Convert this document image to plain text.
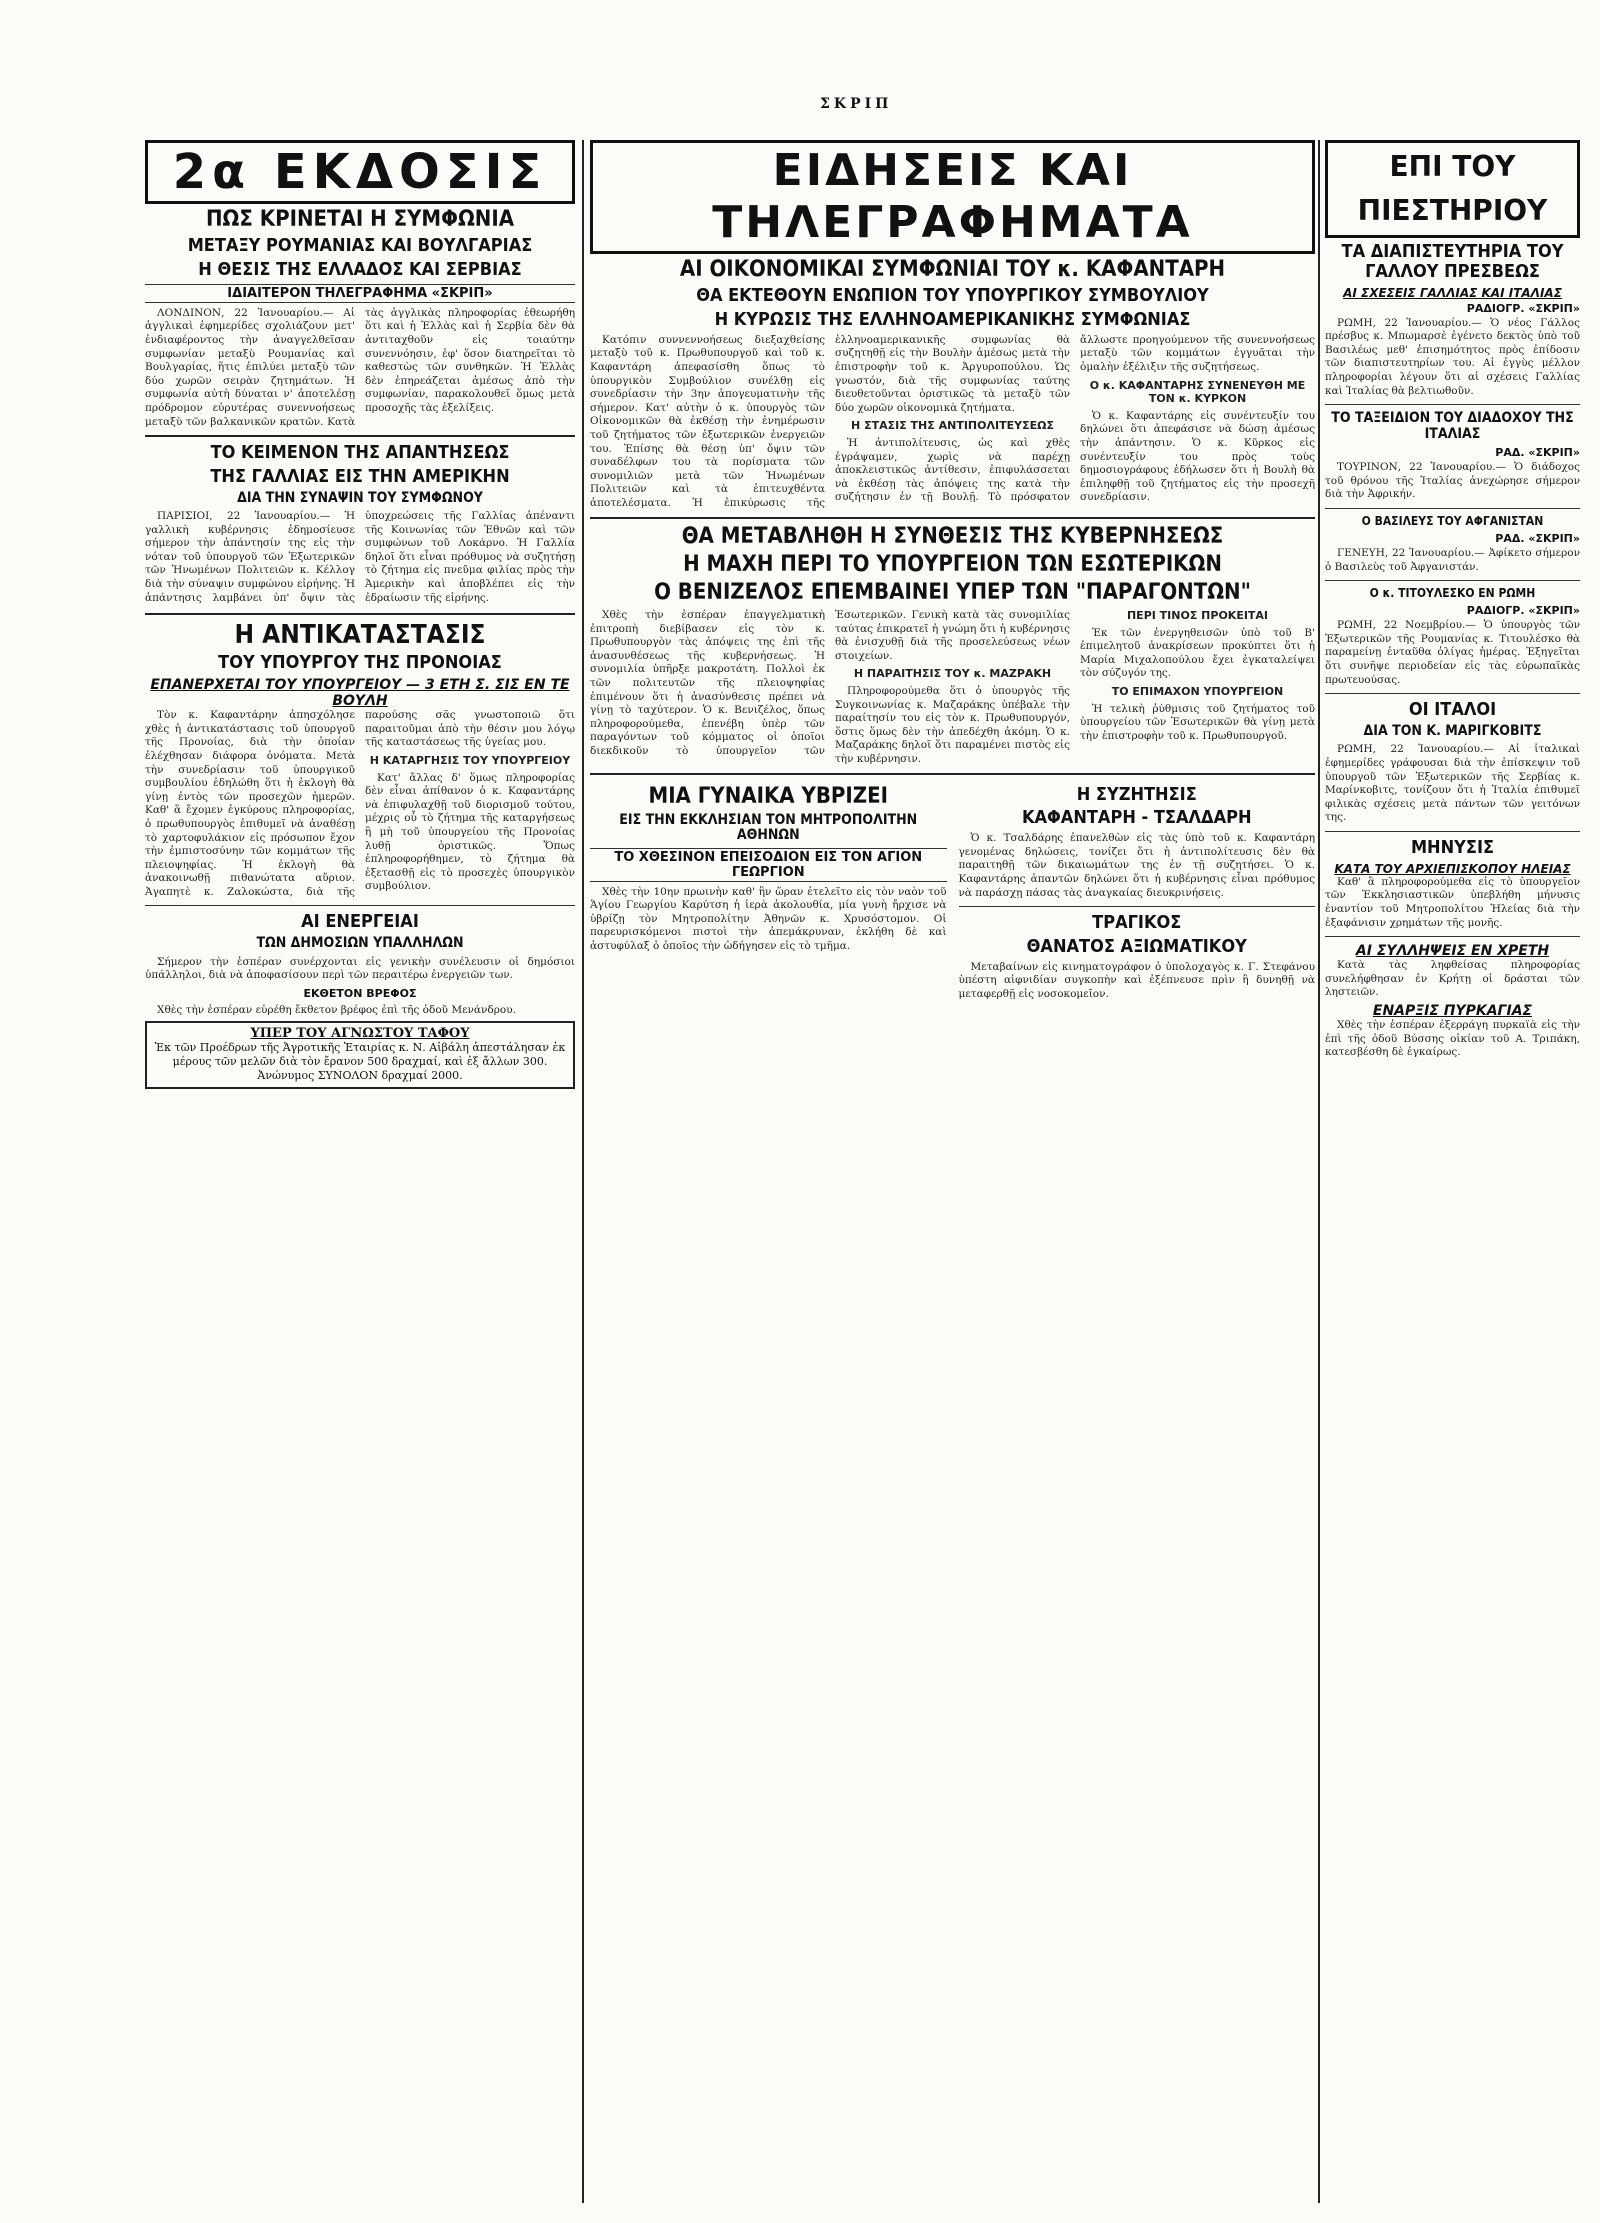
ΣΚΡΙΠ
2α ΕΚΔΟΣΙΣ
ΠΩΣ ΚΡΙΝΕΤΑΙ Η ΣΥΜΦΩΝΙΑ
ΜΕΤΑΞΥ ΡΟΥΜΑΝΙΑΣ ΚΑΙ ΒΟΥΛΓΑΡΙΑΣ
Η ΘΕΣΙΣ ΤΗΣ ΕΛΛΑΔΟΣ ΚΑΙ ΣΕΡΒΙΑΣ
ΙΔΙΑΙΤΕΡΟΝ ΤΗΛΕΓΡΑΦΗΜΑ «ΣΚΡΙΠ»

ΛΟΝΔΙΝΟΝ, 22 Ἰανουαρίου.— Αἱ ἀγγλικαὶ ἐφημερίδες σχολιάζουν μετ' ἐνδιαφέροντος τὴν ἀναγγελθεῖσαν συμφωνίαν μεταξὺ Ρουμανίας καὶ Βουλγαρίας, ἥτις ἐπιλύει μεταξὺ τῶν δύο χωρῶν σειρὰν ζητημάτων. Ἡ συμφωνία αὐτὴ δύναται ν' ἀποτελέσῃ πρόδρομον εὐρυτέρας συνεννοήσεως μεταξὺ τῶν βαλκανικῶν κρατῶν. Κατὰ τὰς ἀγγλικὰς πληροφορίας ἐθεωρήθη ὅτι καὶ ἡ Ἑλλὰς καὶ ἡ Σερβία δὲν θὰ ἀντιταχθοῦν εἰς τοιαύτην συνεννόησιν, ἐφ' ὅσον διατηρεῖται τὸ καθεστὼς τῶν συνθηκῶν. Ἡ Ἑλλὰς δὲν ἐπηρεάζεται ἀμέσως ἀπὸ τὴν συμφωνίαν, παρακολουθεῖ ὅμως μετὰ προσοχῆς τὰς ἐξελίξεις.

ΤΟ ΚΕΙΜΕΝΟΝ ΤΗΣ ΑΠΑΝΤΗΣΕΩΣ
ΤΗΣ ΓΑΛΛΙΑΣ ΕΙΣ ΤΗΝ ΑΜΕΡΙΚΗΝ
ΔΙΑ ΤΗΝ ΣΥΝΑΨΙΝ ΤΟΥ ΣΥΜΦΩΝΟΥ

ΠΑΡΙΣΙΟΙ, 22 Ἰανουαρίου.— Ἡ γαλλικὴ κυβέρνησις ἐδημοσίευσε σήμερον τὴν ἀπάντησίν της εἰς τὴν νόταν τοῦ ὑπουργοῦ τῶν Ἐξωτερικῶν τῶν Ἡνωμένων Πολιτειῶν κ. Κέλλογ διὰ τὴν σύναψιν συμφώνου εἰρήνης. Ἡ ἀπάντησις λαμβάνει ὑπ' ὄψιν τὰς ὑποχρεώσεις τῆς Γαλλίας ἀπέναντι τῆς Κοινωνίας τῶν Ἐθνῶν καὶ τῶν συμφώνων τοῦ Λοκάρνο. Ἡ Γαλλία δηλοῖ ὅτι εἶναι πρόθυμος νὰ συζητήσῃ τὸ ζήτημα εἰς πνεῦμα φιλίας πρὸς τὴν Ἀμερικὴν καὶ ἀποβλέπει εἰς τὴν ἐδραίωσιν τῆς εἰρήνης.

Η ΑΝΤΙΚΑΤΑΣΤΑΣΙΣ
ΤΟΥ ΥΠΟΥΡΓΟΥ ΤΗΣ ΠΡΟΝΟΙΑΣ
ΕΠΑΝΕΡΧΕΤΑΙ ΤΟΥ ΥΠΟΥΡΓΕΙΟΥ — 3 ΕΤΗ Σ. ΣΙΣ ΕΝ ΤΕ ΒΟΥΛΗ

Τὸν κ. Καφαντάρην ἀπησχόλησε χθὲς ἡ ἀντικατάστασις τοῦ ὑπουργοῦ τῆς Προνοίας, διὰ τὴν ὁποίαν ἐλέχθησαν διάφορα ὀνόματα. Μετὰ τὴν συνεδρίασιν τοῦ ὑπουργικοῦ συμβουλίου ἐδηλώθη ὅτι ἡ ἐκλογὴ θὰ γίνῃ ἐντὸς τῶν προσεχῶν ἡμερῶν. Καθ' ἃ ἔχομεν ἐγκύρους πληροφορίας, ὁ πρωθυπουργὸς ἐπιθυμεῖ νὰ ἀναθέσῃ τὸ χαρτοφυλάκιον εἰς πρόσωπον ἔχον τὴν ἐμπιστοσύνην τῶν κομμάτων τῆς πλειοψηφίας. Ἡ ἐκλογὴ θὰ ἀνακοινωθῇ πιθανώτατα αὔριον. Ἀγαπητὲ κ. Ζαλοκώστα, διὰ τῆς παρούσης σᾶς γνωστοποιῶ ὅτι παραιτοῦμαι ἀπὸ τὴν θέσιν μου λόγῳ τῆς καταστάσεως τῆς ὑγείας μου.

Η ΚΑΤΑΡΓΗΣΙΣ ΤΟΥ ΥΠΟΥΡΓΕΙΟΥ

Κατ' ἄλλας δ' ὅμως πληροφορίας δὲν εἶναι ἀπίθανον ὁ κ. Καφαντάρης νὰ ἐπιφυλαχθῇ τοῦ διορισμοῦ τούτου, μέχρις οὗ τὸ ζήτημα τῆς καταργήσεως ἢ μὴ τοῦ ὑπουργείου τῆς Προνοίας λυθῇ ὁριστικῶς. Ὅπως ἐπληροφορήθημεν, τὸ ζήτημα θὰ ἐξετασθῇ εἰς τὸ προσεχὲς ὑπουργικὸν συμβούλιον.

ΑΙ ΕΝΕΡΓΕΙΑΙ
ΤΩΝ ΔΗΜΟΣΙΩΝ ΥΠΑΛΛΗΛΩΝ

Σήμερον τὴν ἑσπέραν συνέρχονται εἰς γενικὴν συνέλευσιν οἱ δημόσιοι ὑπάλληλοι, διὰ νὰ ἀποφασίσουν περὶ τῶν περαιτέρω ἐνεργειῶν των.

ΕΚΘΕΤΟΝ ΒΡΕΦΟΣ

Χθὲς τὴν ἑσπέραν εὑρέθη ἔκθετον βρέφος ἐπὶ τῆς ὁδοῦ Μενάνδρου.

ΥΠΕΡ ΤΟΥ ΑΓΝΩΣΤΟΥ ΤΑΦΟΥ
Ἐκ τῶν Προέδρων τῆς Ἀγροτικῆς Ἑταιρίας κ. Ν. Αἰβάλη ἀπεστάλησαν ἐκ μέρους τῶν μελῶν διὰ τὸν ἔρανον 500 δραχμαί, καὶ ἐξ ἄλλων 300. Ἀνώνυμος ΣΥΝΟΛΟΝ δραχμαί 2000.
ΕΙΔΗΣΕΙΣ ΚΑΙ ΤΗΛΕΓΡΑΦΗΜΑΤΑ
ΑΙ ΟΙΚΟΝΟΜΙΚΑΙ ΣΥΜΦΩΝΙΑΙ ΤΟΥ κ. ΚΑΦΑΝΤΑΡΗ
ΘΑ ΕΚΤΕΘΟΥΝ ΕΝΩΠΙΟΝ ΤΟΥ ΥΠΟΥΡΓΙΚΟΥ ΣΥΜΒΟΥΛΙΟΥ
Η ΚΥΡΩΣΙΣ ΤΗΣ ΕΛΛΗΝΟΑΜΕΡΙΚΑΝΙΚΗΣ ΣΥΜΦΩΝΙΑΣ

Κατόπιν συννεννοήσεως διεξαχθείσης μεταξὺ τοῦ κ. Πρωθυπουργοῦ καὶ τοῦ κ. Καφαντάρη ἀπεφασίσθη ὅπως τὸ ὑπουργικὸν Συμβούλιον συνέλθῃ εἰς συνεδρίασιν τὴν 3ην ἀπογευματινὴν τῆς σήμερον. Κατ' αὐτὴν ὁ κ. ὑπουργὸς τῶν Οἰκονομικῶν θὰ ἐκθέσῃ τὴν ἐνημέρωσιν τοῦ ζητήματος τῶν ἐξωτερικῶν ἐνεργειῶν του. Ἐπίσης θὰ θέσῃ ὑπ' ὄψιν τῶν συναδέλφων του τὰ πορίσματα τῶν συνομιλιῶν μετὰ τῶν Ἡνωμένων Πολιτειῶν καὶ τὰ ἐπιτευχθέντα ἀποτελέσματα. Ἡ ἐπικύρωσις τῆς ἑλληνοαμερικανικῆς συμφωνίας θὰ συζητηθῇ εἰς τὴν Βουλὴν ἀμέσως μετὰ τὴν ἐπιστροφὴν τοῦ κ. Ἀργυροπούλου. Ὡς γνωστόν, διὰ τῆς συμφωνίας ταύτης διευθετοῦνται ὁριστικῶς τὰ μεταξὺ τῶν δύο χωρῶν οἰκονομικὰ ζητήματα.

Η ΣΤΑΣΙΣ ΤΗΣ ΑΝΤΙΠΟΛΙΤΕΥΣΕΩΣ

Ἡ ἀντιπολίτευσις, ὡς καὶ χθὲς ἐγράψαμεν, χωρὶς νὰ παρέχῃ ἀποκλειστικῶς ἀντίθεσιν, ἐπιφυλάσσεται νὰ ἐκθέσῃ τὰς ἀπόψεις της κατὰ τὴν συζήτησιν ἐν τῇ Βουλῇ. Τὸ πρόσφατον ἄλλωστε προηγούμενον τῆς συνεννοήσεως μεταξὺ τῶν κομμάτων ἐγγυᾶται τὴν ὁμαλὴν ἐξέλιξιν τῆς συζητήσεως.

Ο κ. ΚΑΦΑΝΤΑΡΗΣ ΣΥΝΕΝΕΥΘΗ ΜΕ ΤΟΝ κ. ΚΥΡΚΟΝ

Ὁ κ. Καφαντάρης εἰς συνέντευξίν του δηλώνει ὅτι ἀπεφάσισε νὰ δώσῃ ἀμέσως τὴν ἀπάντησιν. Ὁ κ. Κῦρκος εἰς συνέντευξίν του πρὸς τοὺς δημοσιογράφους ἐδήλωσεν ὅτι ἡ Βουλὴ θὰ ἐπιληφθῇ τοῦ ζητήματος εἰς τὴν προσεχῆ συνεδρίασιν.

ΘΑ ΜΕΤΑΒΛΗΘΗ Η ΣΥΝΘΕΣΙΣ ΤΗΣ ΚΥΒΕΡΝΗΣΕΩΣ
Η ΜΑΧΗ ΠΕΡΙ ΤΟ ΥΠΟΥΡΓΕΙΟΝ ΤΩΝ ΕΣΩΤΕΡΙΚΩΝ
Ο ΒΕΝΙΖΕΛΟΣ ΕΠΕΜΒΑΙΝΕΙ ΥΠΕΡ ΤΩΝ "ΠΑΡΑΓΟΝΤΩΝ"

Χθὲς τὴν ἑσπέραν ἐπαγγελματικὴ ἐπιτροπὴ διεβίβασεν εἰς τὸν κ. Πρωθυπουργὸν τὰς ἀπόψεις της ἐπὶ τῆς ἀνασυνθέσεως τῆς κυβερνήσεως. Ἡ συνομιλία ὑπῆρξε μακροτάτη. Πολλοὶ ἐκ τῶν πολιτευτῶν τῆς πλειοψηφίας ἐπιμένουν ὅτι ἡ ἀνασύνθεσις πρέπει νὰ γίνῃ τὸ ταχύτερον. Ὁ κ. Βενιζέλος, ὅπως πληροφορούμεθα, ἐπενέβη ὑπὲρ τῶν παραγόντων τοῦ κόμματος οἱ ὁποῖοι διεκδικοῦν τὸ ὑπουργεῖον τῶν Ἐσωτερικῶν. Γενικὴ κατὰ τὰς συνομιλίας ταύτας ἐπικρατεῖ ἡ γνώμη ὅτι ἡ κυβέρνησις θὰ ἐνισχυθῇ διὰ τῆς προσελεύσεως νέων στοιχείων.

Η ΠΑΡΑΙΤΗΣΙΣ ΤΟΥ κ. ΜΑΖΡΑΚΗ

Πληροφορούμεθα ὅτι ὁ ὑπουργὸς τῆς Συγκοινωνίας κ. Μαζαράκης ὑπέβαλε τὴν παραίτησίν του εἰς τὸν κ. Πρωθυπουργόν, ὅστις ὅμως δὲν τὴν ἀπεδέχθη ἀκόμη. Ὁ κ. Μαζαράκης δηλοῖ ὅτι παραμένει πιστὸς εἰς τὴν κυβέρνησιν.

ΠΕΡΙ ΤΙΝΟΣ ΠΡΟΚΕΙΤΑΙ

Ἐκ τῶν ἐνεργηθεισῶν ὑπὸ τοῦ Β' ἐπιμελητοῦ ἀνακρίσεων προκύπτει ὅτι ἡ Μαρία Μιχαλοπούλου ἔχει ἐγκαταλείψει τὸν σύζυγόν της.

ΤΟ ΕΠΙΜΑΧΟΝ ΥΠΟΥΡΓΕΙΟΝ

Ἡ τελικὴ ῥύθμισις τοῦ ζητήματος τοῦ ὑπουργείου τῶν Ἐσωτερικῶν θὰ γίνῃ μετὰ τὴν ἐπιστροφὴν τοῦ κ. Πρωθυπουργοῦ.

ΜΙΑ ΓΥΝΑΙΚΑ ΥΒΡΙΖΕΙ
ΕΙΣ ΤΗΝ ΕΚΚΛΗΣΙΑΝ ΤΟΝ ΜΗΤΡΟΠΟΛΙΤΗΝ ΑΘΗΝΩΝ
ΤΟ ΧΘΕΣΙΝΟΝ ΕΠΕΙΣΟΔΙΟΝ ΕΙΣ ΤΟΝ ΑΓΙΟΝ ΓΕΩΡΓΙΟΝ

Χθὲς τὴν 10ην πρωινὴν καθ' ἣν ὥραν ἐτελεῖτο εἰς τὸν ναὸν τοῦ Ἁγίου Γεωργίου Καρύτση ἡ ἱερὰ ἀκολουθία, μία γυνὴ ἤρχισε νὰ ὑβρίζῃ τὸν Μητροπολίτην Ἀθηνῶν κ. Χρυσόστομον. Οἱ παρευρισκόμενοι πιστοὶ τὴν ἀπεμάκρυναν, ἐκλήθη δὲ καὶ ἀστυφύλαξ ὁ ὁποῖος τὴν ὡδήγησεν εἰς τὸ τμῆμα.

Η ΣΥΖΗΤΗΣΙΣ
ΚΑΦΑΝΤΑΡΗ - ΤΣΑΛΔΑΡΗ

Ὁ κ. Τσαλδάρης ἐπανελθὼν εἰς τὰς ὑπὸ τοῦ κ. Καφαντάρη γενομένας δηλώσεις, τονίζει ὅτι ἡ ἀντιπολίτευσις δὲν θὰ παραιτηθῇ τῶν δικαιωμάτων της ἐν τῇ συζητήσει. Ὁ κ. Καφαντάρης ἀπαντῶν δηλώνει ὅτι ἡ κυβέρνησις εἶναι πρόθυμος νὰ παράσχῃ πάσας τὰς ἀναγκαίας διευκρινήσεις.

ΤΡΑΓΙΚΟΣ
ΘΑΝΑΤΟΣ ΑΞΙΩΜΑΤΙΚΟΥ

Μεταβαίνων εἰς κινηματογράφον ὁ ὑπολοχαγὸς κ. Γ. Στεφάνου ὑπέστη αἰφνιδίαν συγκοπὴν καὶ ἐξέπνευσε πρὶν ἢ δυνηθῇ νὰ μεταφερθῇ εἰς νοσοκομεῖον.

ΕΠΙ ΤΟΥ ΠΙΕΣΤΗΡΙΟΥ
ΤΑ ΔΙΑΠΙΣΤΕΥΤΗΡΙΑ ΤΟΥ ΓΑΛΛΟΥ ΠΡΕΣΒΕΩΣ
ΑΙ ΣΧΕΣΕΙΣ ΓΑΛΛΙΑΣ ΚΑΙ ΙΤΑΛΙΑΣ
ΡΑΔΙΟΓΡ. «ΣΚΡΙΠ»

ΡΩΜΗ, 22 Ἰανουαρίου.— Ὁ νέος Γάλλος πρέσβυς κ. Μπωμαρσὲ ἐγένετο δεκτὸς ὑπὸ τοῦ Βασιλέως μεθ' ἐπισημότητος πρὸς ἐπίδοσιν τῶν διαπιστευτηρίων του. Αἱ ἐγγὺς μέλλον πληροφορίαι λέγουν ὅτι αἱ σχέσεις Γαλλίας καὶ Ἰταλίας θὰ βελτιωθοῦν.

ΤΟ ΤΑΞΕΙΔΙΟΝ ΤΟΥ ΔΙΑΔΟΧΟΥ ΤΗΣ ΙΤΑΛΙΑΣ
ΡΑΔ. «ΣΚΡΙΠ»

ΤΟΥΡΙΝΟΝ, 22 Ἰανουαρίου.— Ὁ διάδοχος τοῦ θρόνου τῆς Ἰταλίας ἀνεχώρησε σήμερον διὰ τὴν Ἀφρικήν.

Ο ΒΑΣΙΛΕΥΣ ΤΟΥ ΑΦΓΑΝΙΣΤΑΝ
ΡΑΔ. «ΣΚΡΙΠ»

ΓΕΝΕΥΗ, 22 Ἰανουαρίου.— Ἀφίκετο σήμερον ὁ Βασιλεὺς τοῦ Ἀφγανιστάν.

Ο κ. ΤΙΤΟΥΛΕΣΚΟ ΕΝ ΡΩΜΗ
ΡΑΔΙΟΓΡ. «ΣΚΡΙΠ»

ΡΩΜΗ, 22 Νοεμβρίου.— Ὁ ὑπουργὸς τῶν Ἐξωτερικῶν τῆς Ρουμανίας κ. Τιτουλέσκο θὰ παραμείνῃ ἐνταῦθα ὀλίγας ἡμέρας. Ἐξηγεῖται ὅτι συνῆψε περιοδείαν εἰς τὰς εὐρωπαϊκὰς πρωτευούσας.

ΟΙ ΙΤΑΛΟΙ
ΔΙΑ ΤΟΝ Κ. ΜΑΡΙΓΚΟΒΙΤΣ

ΡΩΜΗ, 22 Ἰανουαρίου.— Αἱ ἰταλικαὶ ἐφημερίδες γράφουσαι διὰ τὴν ἐπίσκεψιν τοῦ ὑπουργοῦ τῶν Ἐξωτερικῶν τῆς Σερβίας κ. Μαρίνκοβιτς, τονίζουν ὅτι ἡ Ἰταλία ἐπιθυμεῖ φιλικὰς σχέσεις μετὰ πάντων τῶν γειτόνων της.

ΜΗΝΥΣΙΣ
ΚΑΤΑ ΤΟΥ ΑΡΧΙΕΠΙΣΚΟΠΟΥ ΗΛΕΙΑΣ

Καθ' ἃ πληροφορούμεθα εἰς τὸ ὑπουργεῖον τῶν Ἐκκλησιαστικῶν ὑπεβλήθη μήνυσις ἐναντίον τοῦ Μητροπολίτου Ἠλείας διὰ τὴν ἐξαφάνισιν χρημάτων τῆς μονῆς.

ΑΙ ΣΥΛΛΗΨΕΙΣ ΕΝ ΧΡΕΤΗ

Κατὰ τὰς ληφθείσας πληροφορίας συνελήφθησαν ἐν Κρήτῃ οἱ δράσται τῶν ληστειῶν.

ΕΝΑΡΞΙΣ ΠΥΡΚΑΓΙΑΣ

Χθὲς τὴν ἑσπέραν ἐξερράγη πυρκαϊὰ εἰς τὴν ἐπὶ τῆς ὁδοῦ Βύσσης οἰκίαν τοῦ Α. Τριπάκη, κατεσβέσθη δὲ ἐγκαίρως.
